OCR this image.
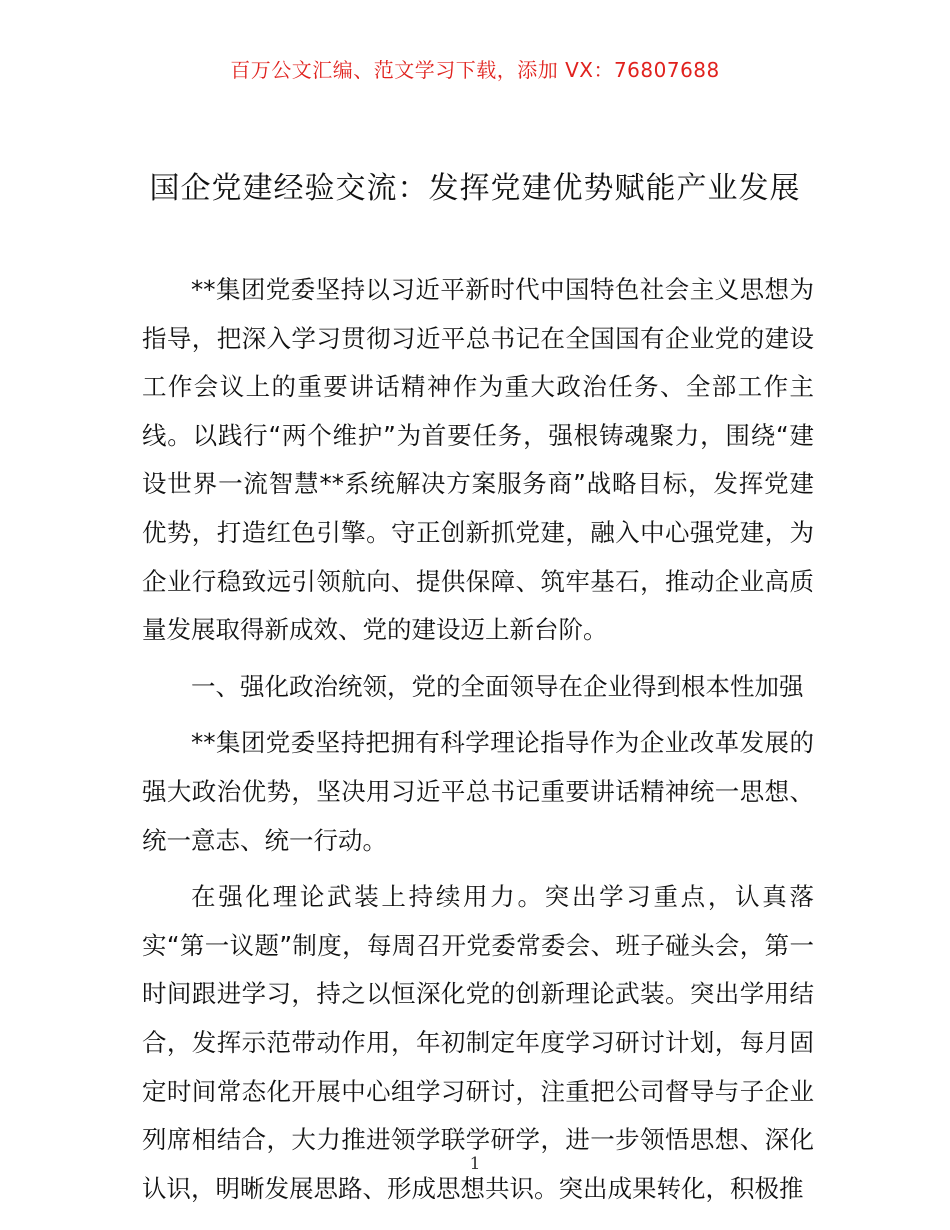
百万公文汇编、范文学习下载，添加 VX：76807688
国企党建经验交流：发挥党建优势赋能产业发展

**集团党委坚持以习近平新时代中国特色社会主义思想为指导，把深入学习贯彻习近平总书记在全国国有企业党的建设工作会议上的重要讲话精神作为重大政治任务、全部工作主线。以践行“两个维护”为首要任务，强根铸魂聚力，围绕“建设世界一流智慧**系统解决方案服务商”战略目标，发挥党建优势，打造红色引擎。守正创新抓党建，融入中心强党建，为企业行稳致远引领航向、提供保障、筑牢基石，推动企业高质量发展取得新成效、党的建设迈上新台阶。

一、强化政治统领，党的全面领导在企业得到根本性加强

**集团党委坚持把拥有科学理论指导作为企业改革发展的强大政治优势，坚决用习近平总书记重要讲话精神统一思想、统一意志、统一行动。

在强化理论武装上持续用力。突出学习重点，认真落实“第一议题”制度，每周召开党委常委会、班子碰头会，第一时间跟进学习，持之以恒深化党的创新理论武装。突出学用结合，发挥示范带动作用，年初制定年度学习研讨计划，每月固定时间常态化开展中心组学习研讨，注重把公司督导与子企业列席相结合，大力推进领学联学研学，进一步领悟思想、深化认识，明晰发展思路、形成思想共识。突出成果转化，积极推

1
